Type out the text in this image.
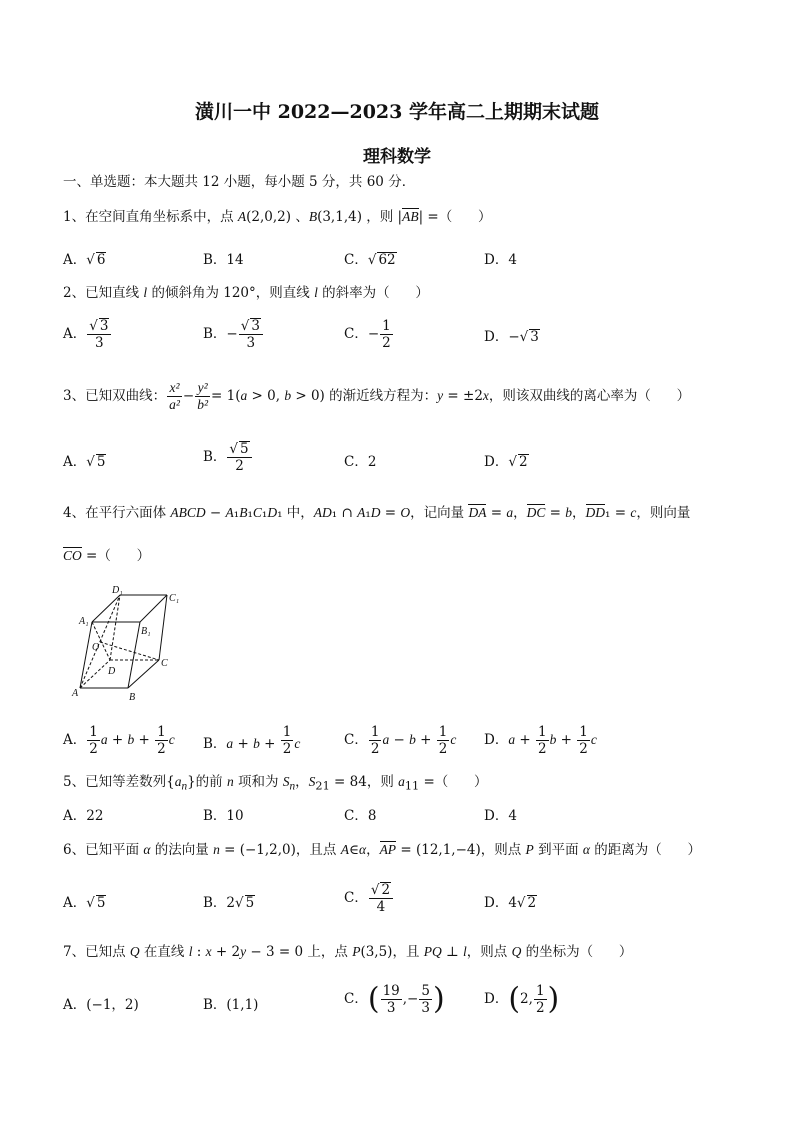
潢川一中 2022—2023 学年高二上期期末试题
理科数学
一、单选题：本大题共 12 小题，每小题 5 分，共 60 分．
1、在空间直角坐标系中，点 A(2,0,2) 、B(3,1,4) ，则 |AB| =（      ）
A．√ 6	B．14	C．√ 62	D．4
2、已知直线 l 的倾斜角为 120°，则直线 l 的斜率为（      ）
A． $\frac{√ 3}{3}$	B．− $\frac{√ 3}{3}$	C．− $\frac{1}{2}$	D．−√ 3
3、已知双曲线： $\frac{\text{x²}}{\text{a²}} - \frac{\text{y²}}{\text{b²}} = 1(a > 0$, b > 0) 的渐近线方程为：y = ±2x，则该双曲线的离心率为（      ）
A．√ 5	B． $\frac{√ 5}{2}$	C．2	D．√ 2
4、在平行六面体 ABCD − A₁B₁C₁D₁ 中，AD₁ ∩ A₁D = O，记向量 DA = a，DC = b，DD₁ = c，则向量
CO =（      ）
D₁
C₁
A₁
B₁
O
D
C
A	B
A． $\frac{1}{2}$ $a + b + \frac{1}{2}$ c B．$a + b + \frac{1}{2}$ c	C． $\frac{1}{2}$ $a - b + \frac{1}{2}$ c D．$a + \frac{1}{2}$ $b + \frac{1}{2}$ c
5、已知等差数列$\{a_n\}$的前 n 项和为 $S_n$，$S_{21} = 84$，则 $a_{11}$ =（      ）
A．22	B．10	C．8	D．4
6、已知平面 α 的法向量 n = (−1,2,0)，且点 A∈α，AP = (12,1,−4)，则点 P 到平面 α 的距离为（      ）
A．√ 5	B．2√ 5	C． $\frac{√ 2}{4}$	D．4√ 2
7、已知点 Q 在直线 l : x + 2y − 3 = 0 上，点 P(3,5)，且 PQ ⊥ l，则点 Q 的坐标为（      ）
A．(−1，2)	B．(1,1)	C．( $\frac{19}{3}$ ,− $\frac{5}{3}$ )	D．(2, $\frac{1}{2}$ )
